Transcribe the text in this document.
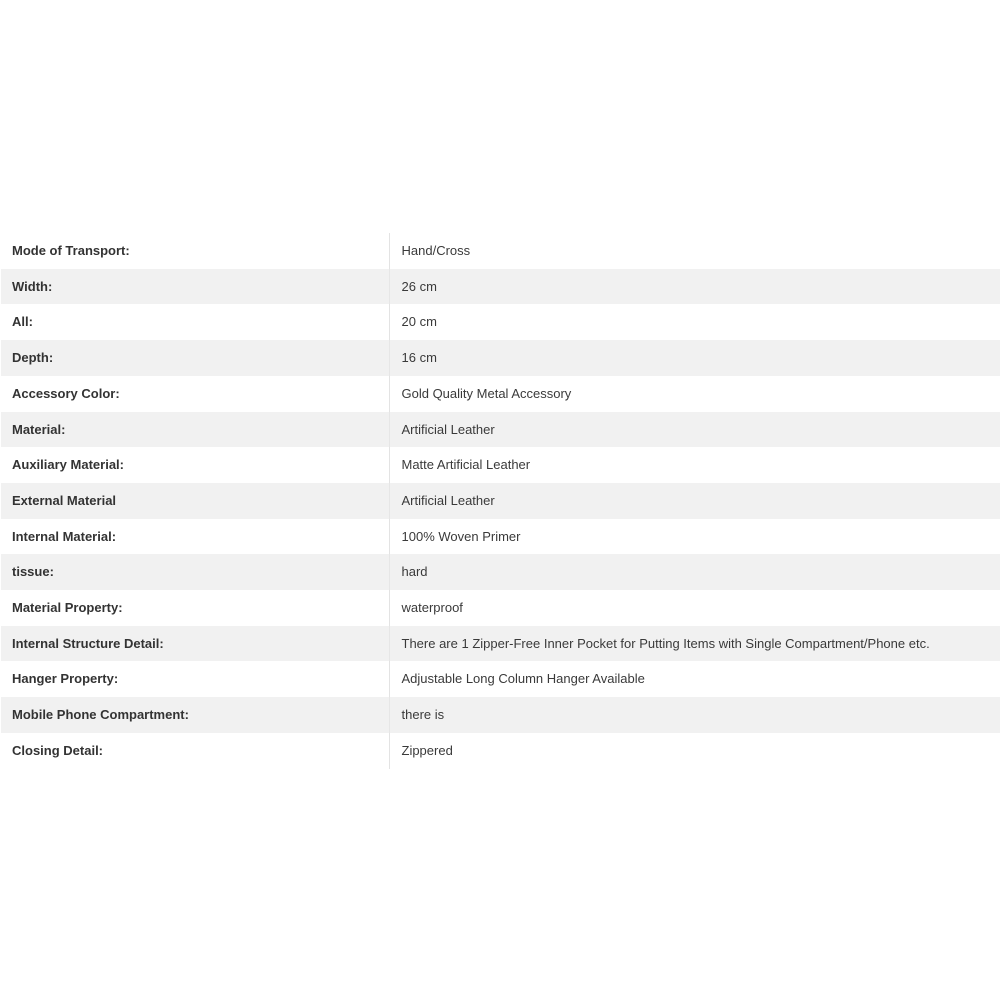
Mode of Transport:	Hand/Cross
Width:	26 cm
All:	20 cm
Depth:	16 cm
Accessory Color:	Gold Quality Metal Accessory
Material:	Artificial Leather
Auxiliary Material:	Matte Artificial Leather
External Material	Artificial Leather
Internal Material:	100% Woven Primer
tissue:	hard
Material Property:	waterproof
Internal Structure Detail:	There are 1 Zipper-Free Inner Pocket for Putting Items with Single Compartment/Phone etc.
Hanger Property:	Adjustable Long Column Hanger Available
Mobile Phone Compartment:	there is
Closing Detail:	Zippered
